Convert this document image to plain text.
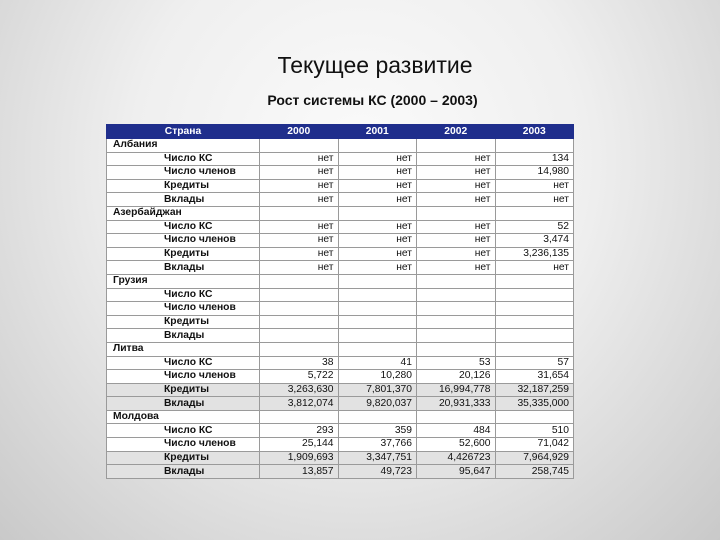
Текущее развитие
Рост системы КС (2000 – 2003)
Страна	2000	2001	2002	2003
Албания				
Число КС	нет	нет	нет	134
Число членов	нет	нет	нет	14,980
Кредиты	нет	нет	нет	нет
Вклады	нет	нет	нет	нет
Азербайджан				
Число КС	нет	нет	нет	52
Число членов	нет	нет	нет	3,474
Кредиты	нет	нет	нет	3,236,135
Вклады	нет	нет	нет	нет
Грузия				
Число КС				
Число членов				
Кредиты				
Вклады				
Литва				
Число КС	38	41	53	57
Число членов	5,722	10,280	20,126	31,654
Кредиты	3,263,630	7,801,370	16,994,778	32,187,259
Вклады	3,812,074	9,820,037	20,931,333	35,335,000
Молдова				
Число КС	293	359	484	510
Число членов	25,144	37,766	52,600	71,042
Кредиты	1,909,693	3,347,751	4,426723	7,964,929
Вклады	13,857	49,723	95,647	258,745
